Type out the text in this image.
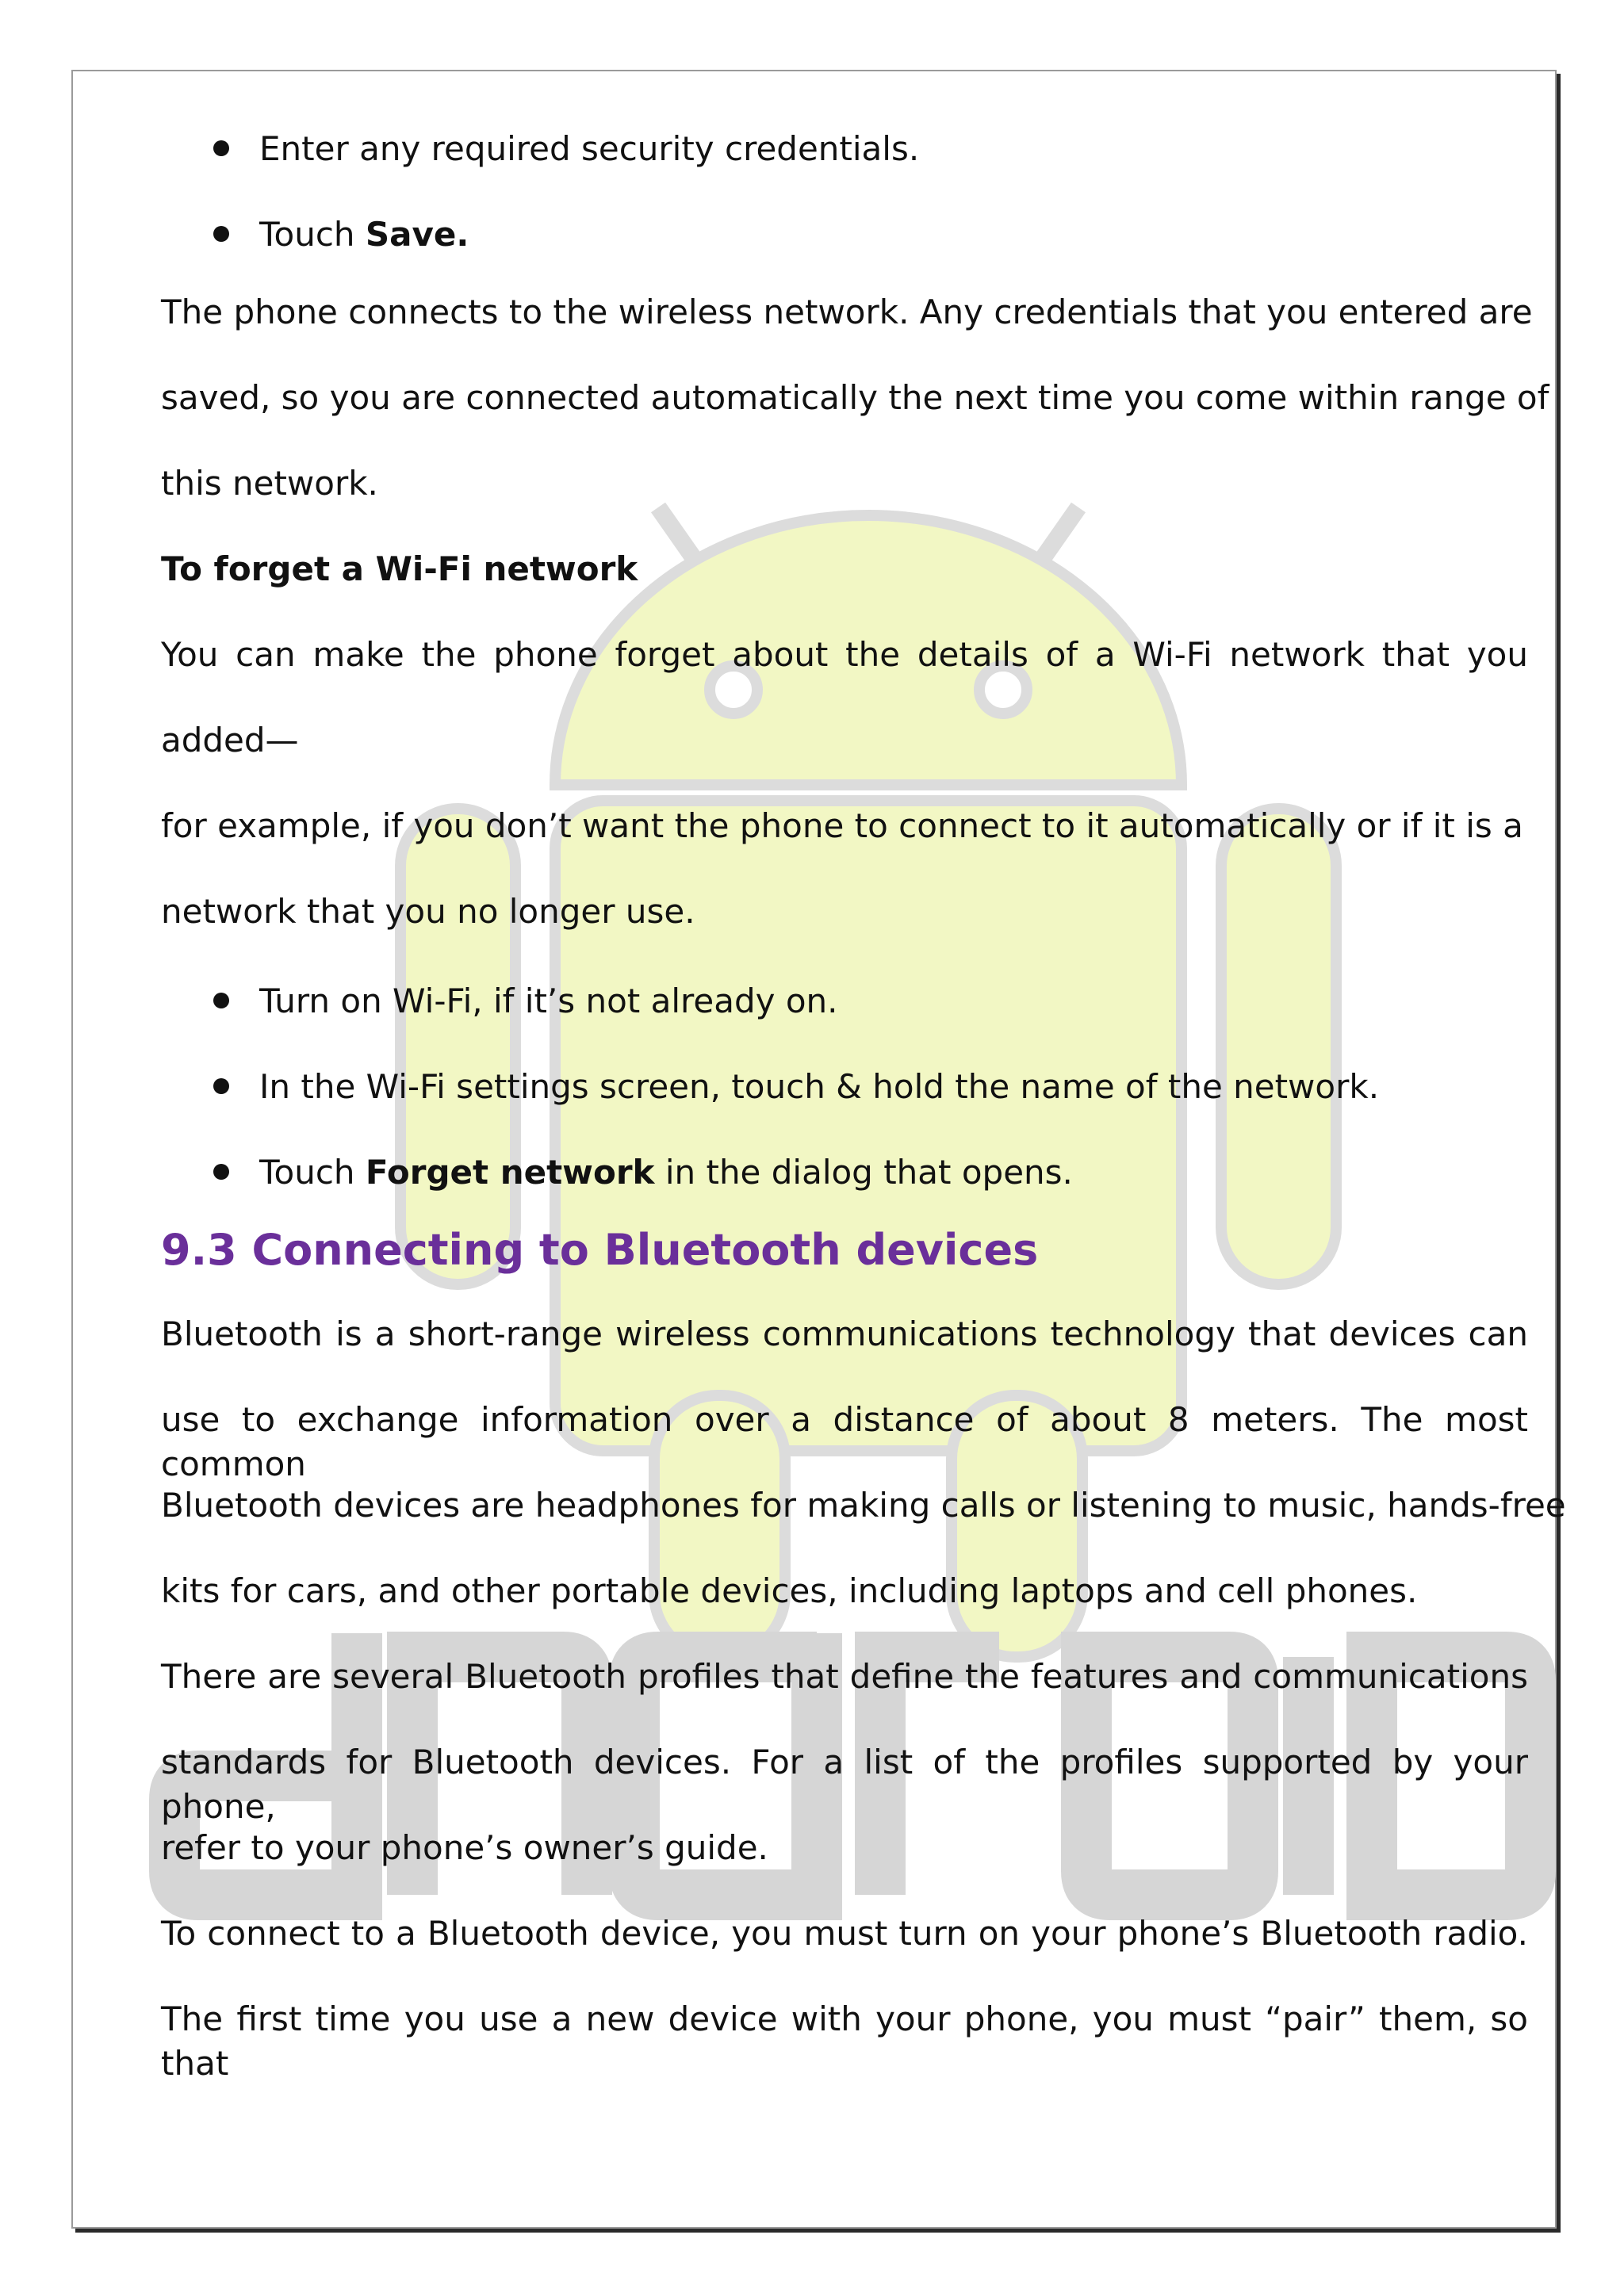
Enter any required security credentials.
Touch Save.
The phone connects to the wireless network. Any credentials that you entered are
saved, so you are connected automatically the next time you come within range of
this network.
To forget a Wi-Fi network
You can make the phone forget about the details of a Wi-Fi network that you
added—
for example, if you don’t want the phone to connect to it automatically or if it is a
network that you no longer use.
Turn on Wi-Fi, if it’s not already on.
In the Wi-Fi settings screen, touch & hold the name of the network.
Touch Forget network in the dialog that opens.
9.3 Connecting to Bluetooth devices
Bluetooth is a short-range wireless communications technology that devices can
use to exchange information over a distance of about 8 meters. The most common
Bluetooth devices are headphones for making calls or listening to music, hands-free
kits for cars, and other portable devices, including laptops and cell phones.
There are several Bluetooth profiles that define the features and communications
standards for Bluetooth devices. For a list of the profiles supported by your phone,
refer to your phone’s owner’s guide.
To connect to a Bluetooth device, you must turn on your phone’s Bluetooth radio.
The first time you use a new device with your phone, you must “pair” them, so that
